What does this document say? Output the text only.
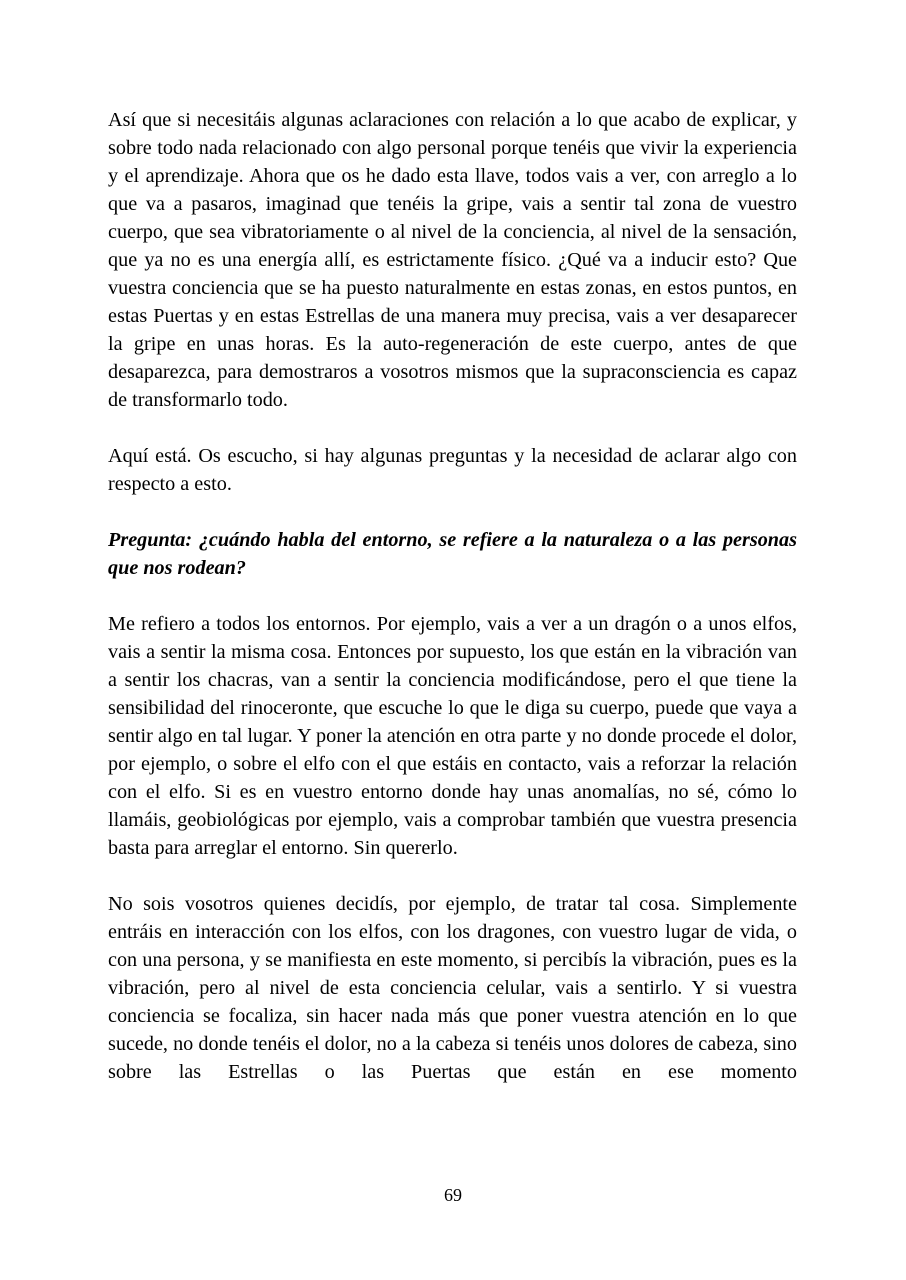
Así que si necesitáis algunas aclaraciones con relación a lo que acabo de explicar, y sobre todo nada relacionado con algo personal porque tenéis que vivir la experiencia y el aprendizaje. Ahora que os he dado esta llave, todos vais a ver, con arreglo a lo que va a pasaros, imaginad que tenéis la gripe, vais a sentir tal zona de vuestro cuerpo, que sea vibratoriamente o al nivel de la conciencia, al nivel de la sensación, que ya no es una energía allí, es estrictamente físico. ¿Qué va a inducir esto? Que vuestra conciencia que se ha puesto naturalmente en estas zonas, en estos puntos, en estas Puertas y en estas Estrellas de una manera muy precisa, vais a ver desaparecer la gripe en unas horas. Es la auto-regeneración de este cuerpo, antes de que desaparezca, para demostraros a vosotros mismos que la supraconsciencia es capaz de transformarlo todo.

Aquí está. Os escucho, si hay algunas preguntas y la necesidad de aclarar algo con respecto a esto.

Pregunta: ¿cuándo habla del entorno, se refiere a la naturaleza o a las personas que nos rodean?

Me refiero a todos los entornos. Por ejemplo, vais a ver a un dragón o a unos elfos, vais a sentir la misma cosa. Entonces por supuesto, los que están en la vibración van a sentir los chacras, van a sentir la conciencia modificándose, pero el que tiene la sensibilidad del rinoceronte, que escuche lo que le diga su cuerpo, puede que vaya a sentir algo en tal lugar. Y poner la atención en otra parte y no donde procede el dolor, por ejemplo, o sobre el elfo con el que estáis en contacto, vais a reforzar la relación con el elfo. Si es en vuestro entorno donde hay unas anomalías, no sé, cómo lo llamáis, geobiológicas por ejemplo, vais a comprobar también que vuestra presencia basta para arreglar el entorno. Sin quererlo.

No sois vosotros quienes decidís, por ejemplo, de tratar tal cosa. Simplemente entráis en interacción con los elfos, con los dragones, con vuestro lugar de vida, o con una persona, y se manifiesta en este momento, si percibís la vibración, pues es la vibración, pero al nivel de esta conciencia celular, vais a sentirlo. Y si vuestra conciencia se focaliza, sin hacer nada más que poner vuestra atención en lo que sucede, no donde tenéis el dolor, no a la cabeza si tenéis unos dolores de cabeza, sino sobre las Estrellas o las Puertas que están en ese momento

69
